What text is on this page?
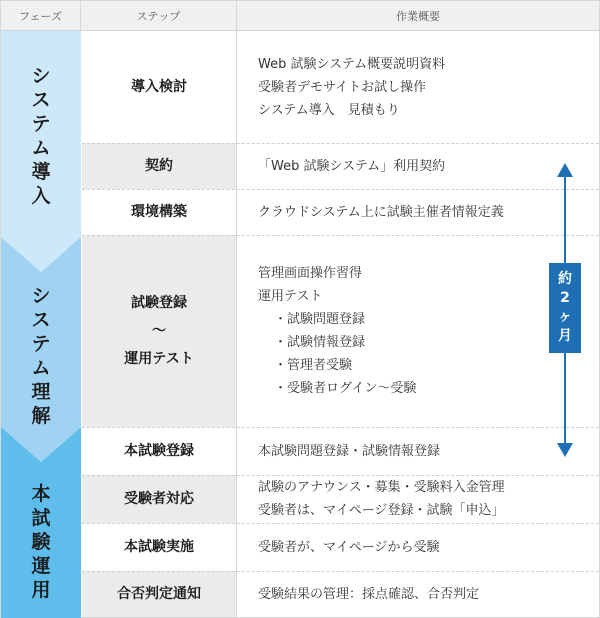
フェーズ	ステップ	作業概要
シ
ス
テ
ム
導
入
シ
ス
テ
ム
理
解
本
試
験
運
用
導入検討
契約
環境構築
試験登録
～
運用テスト
本試験登録
受験者対応
本試験実施
合否判定通知
Web 試験システム概要説明資料
受験者デモサイトお試し操作
システム導入　見積もり
「Web 試験システム」利用契約
クラウドシステム上に試験主催者情報定義
管理画面操作習得
運用テスト
・試験問題登録
・試験情報登録
・管理者受験
・受験者ログイン～受験
本試験問題登録・試験情報登録
試験のアナウンス・募集・受験料入金管理
受験者は、マイページ登録・試験「申込」
受験者が、マイページから受験
受験結果の管理：採点確認、合否判定
約
2
ヶ
月
